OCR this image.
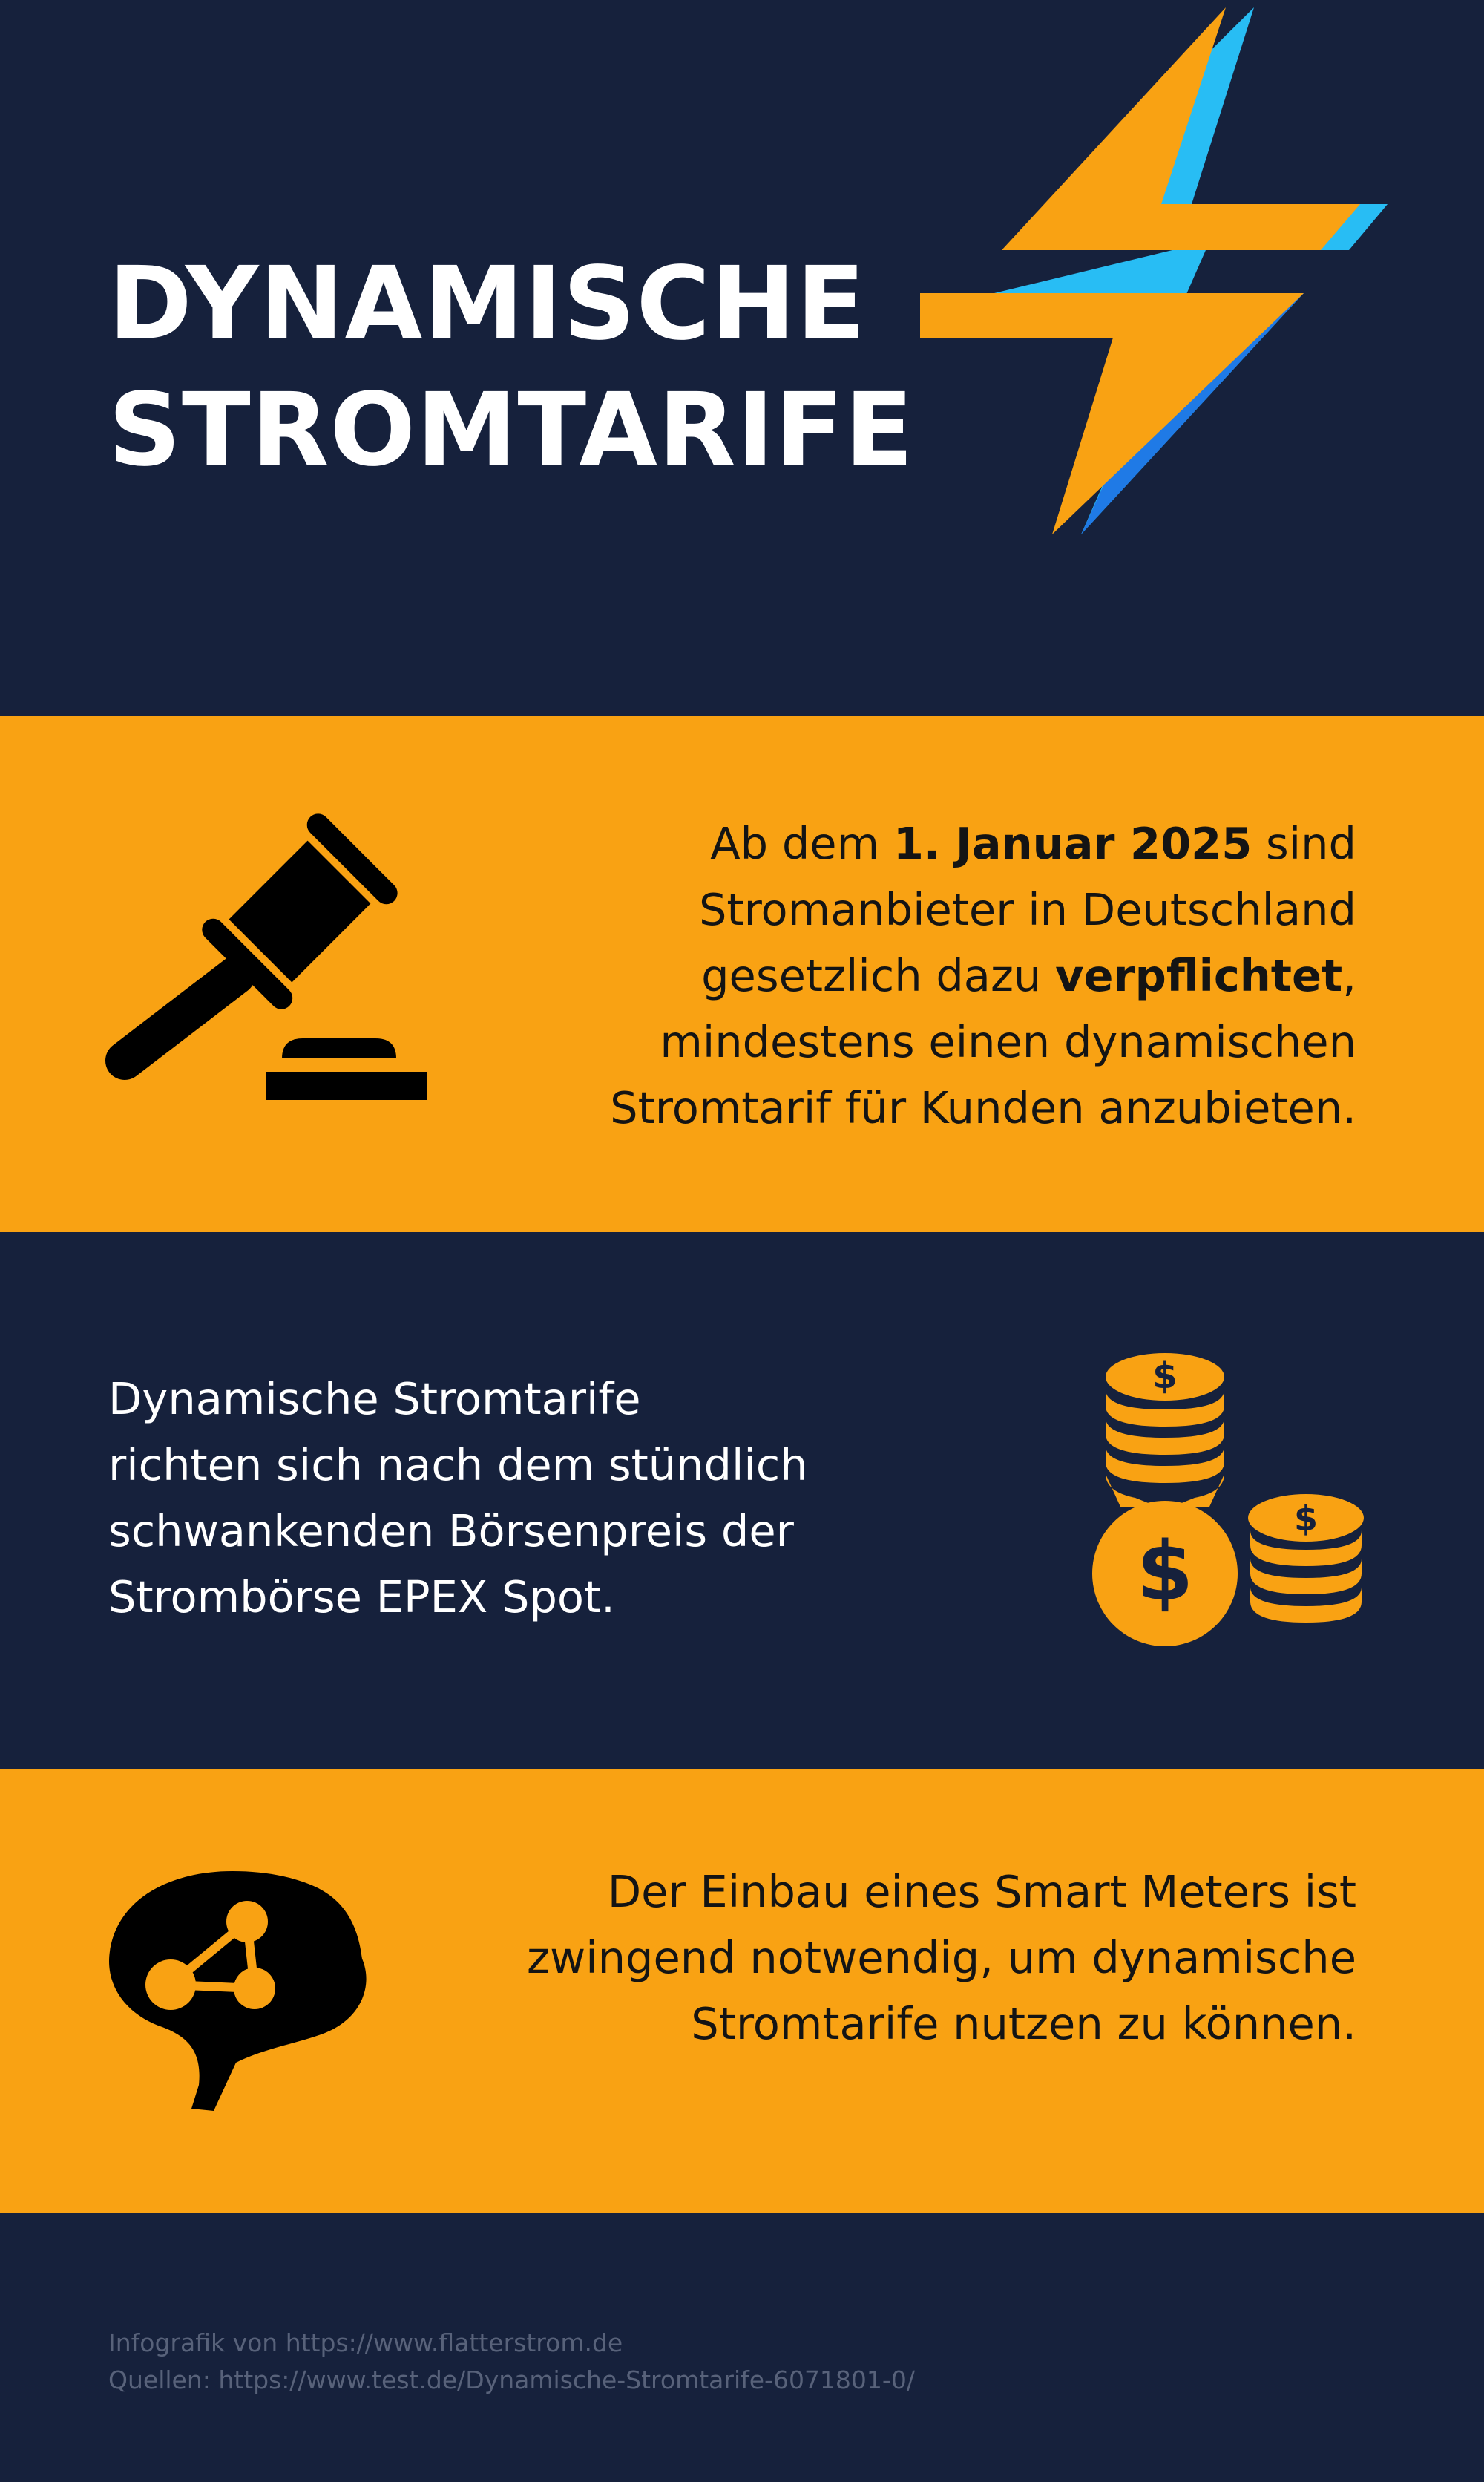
DYNAMISCHE
STROMTARIFE

Ab dem 1. Januar 2025 sind
Stromanbieter in Deutschland
gesetzlich dazu verpflichtet,
mindestens einen dynamischen
Stromtarif für Kunden anzubieten.

Dynamische Stromtarife
richten sich nach dem stündlich
schwankenden Börsenpreis der
Strombörse EPEX Spot.

$
$
$

Der Einbau eines Smart Meters ist
zwingend notwendig, um dynamische
Stromtarife nutzen zu können.

Infografik von https://www.flatterstrom.de

Quellen: https://www.test.de/Dynamische-Stromtarife-6071801-0/
